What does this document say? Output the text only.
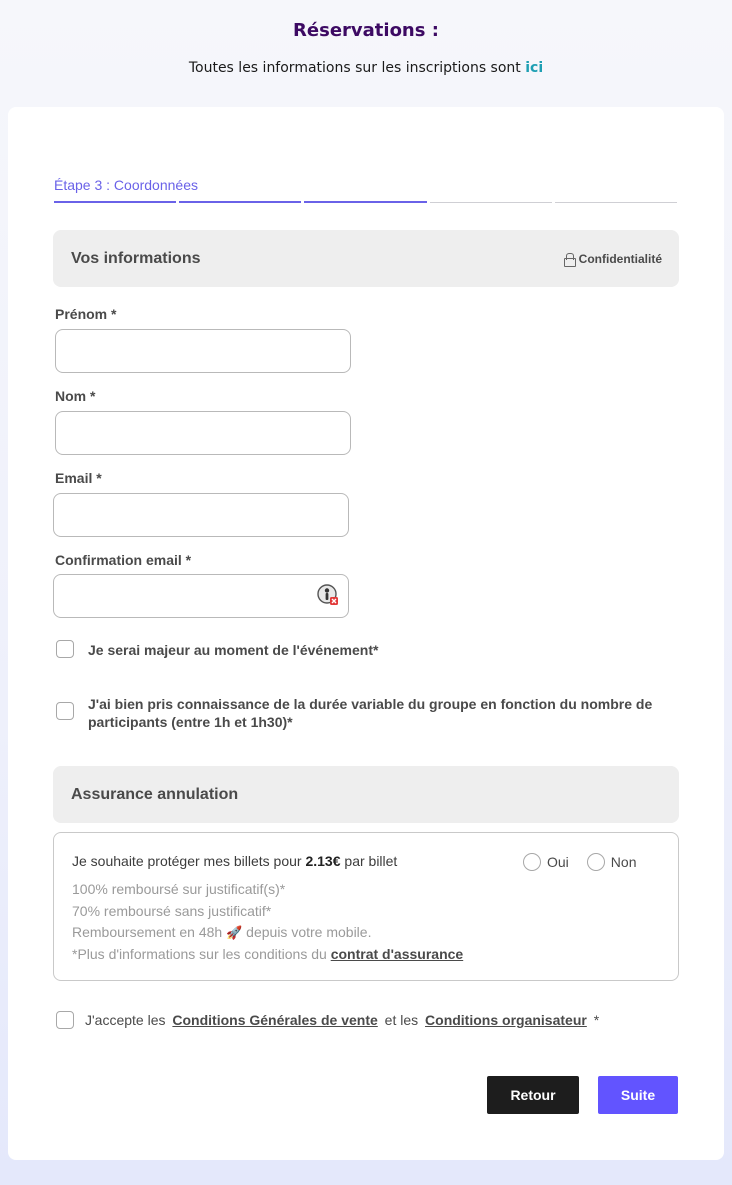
Réservations :
Toutes les informations sur les inscriptions sont ici
Étape 3 : Coordonnées
Vos informations	Confidentialité
Prénom *
Nom *
Email *
Confirmation email *
Je serai majeur au moment de l'événement*
J'ai bien pris connaissance de la durée variable du groupe en fonction du nombre de
participants (entre 1h et 1h30)*
Assurance annulation
Je souhaite protéger mes billets pour 2.13€ par billet	Oui	Non
100% remboursé sur justificatif(s)*
70% remboursé sans justificatif*
Remboursement en 48h 🚀 depuis votre mobile.
*Plus d'informations sur les conditions du contrat d'assurance
J'accepte les Conditions Générales de vente et les Conditions organisateur *
Retour	Suite
